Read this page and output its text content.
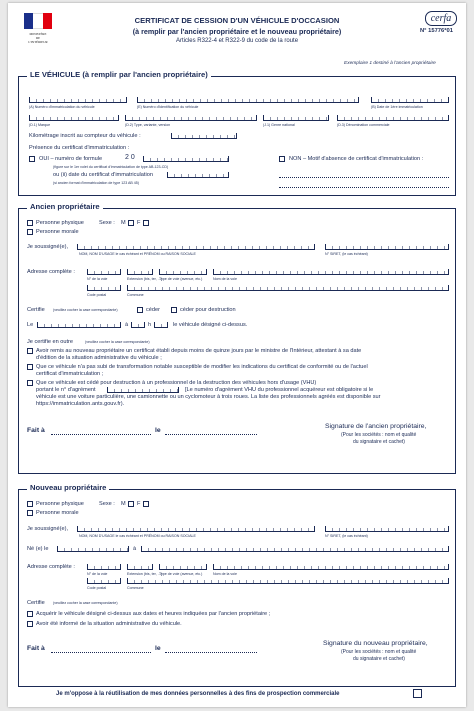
MINISTÈRE
DE
L'INTÉRIEUR
CERTIFICAT DE CESSION D'UN VÉHICULE D'OCCASION
(à remplir par l'ancien propriétaire et le nouveau propriétaire)
Articles R322-4 et R322-9 du code de la route
cerfa
N° 15776*01
Exemplaire 1 destiné à l'ancien propriétaire
LE VÉHICULE (à remplir par l'ancien propriétaire)
(A) Numéro d'immatriculation du véhicule	(E) Numéro d'identification du véhicule	(B) Date de 1ère immatriculation
(D.1) Marque	(D.2) Type, variante, version	(J.1) Genre national	(D.3) Dénomination commerciale
Kilométrage inscrit au compteur du véhicule :
Présence du certificat d'immatriculation :
OUI – numéro de formule	2 0
(figure sur le 1er volet du certificat d'immatriculation de type AB-123-CD)
ou (ii) date du certificat d'immatriculation
(si ancien format d'immatriculation de type 123 AB 45)
NON – Motif d'absence de certificat d'immatriculation :
Ancien propriétaire
Personne physique	Sexe : M F
Personne morale
Je soussigné(e),
NOM, NOM D'USAGE le cas échéant et PRÉNOM ou RAISON SOCIALE	N° SIRET, (le cas échéant)
Adresse complète :
N° de la voie	Extension (bis, ter, …)
Type de voie (avenue, etc.)	Nom de la voie
Code postal	Commune
Certifie (veuillez cocher la case correspondante)	céder	céder pour destruction
Le	à	h	le véhicule désigné ci-dessus.
Je certifie en outre	(veuillez cocher la case correspondante)
Avoir remis au nouveau propriétaire un certificat établi depuis moins de quinze jours par le ministre de l'Intérieur, attestant à sa date
d'édition de la situation administrative du véhicule ;
Que ce véhicule n'a pas subi de transformation notable susceptible de modifier les indications du certificat de conformité ou de l'actuel
certificat d'immatriculation ;
Que ce véhicule est cédé pour destruction à un professionnel de la destruction des véhicules hors d'usage (VHU)
portant le n° d'agrément	[Le numéro d'agrément VHU du professionnel acquéreur est obligatoire si le
véhicule est une voiture particulière, une camionnette ou un cyclomoteur à trois roues. La liste des professionnels agréés est disponible sur
https://immatriculation.ants.gouv.fr).
Fait à	le
Signature de l'ancien propriétaire,
(Pour les sociétés : nom et qualité
du signataire et cachet)
Nouveau propriétaire
Personne physique	Sexe : M F
Personne morale
Je soussigné(e),
NOM, NOM D'USAGE le cas échéant et PRÉNOM ou RAISON SOCIALE	N° SIRET, (le cas échéant)
Né (e) le	à
Adresse complète :
N° de la voie	Extension (bis, ter, …)
Type de voie (avenue, etc.)	Nom de la voie
Code postal	Commune
Certifie (veuillez cocher la case correspondante)
Acquérir le véhicule désigné ci-dessus aux dates et heures indiquées par l'ancien propriétaire ;
Avoir été informé de la situation administrative du véhicule.
Fait à	le
Signature du nouveau propriétaire,
(Pour les sociétés : nom et qualité
du signataire et cachet)
Je m'oppose à la réutilisation de mes données personnelles à des fins de prospection commerciale
